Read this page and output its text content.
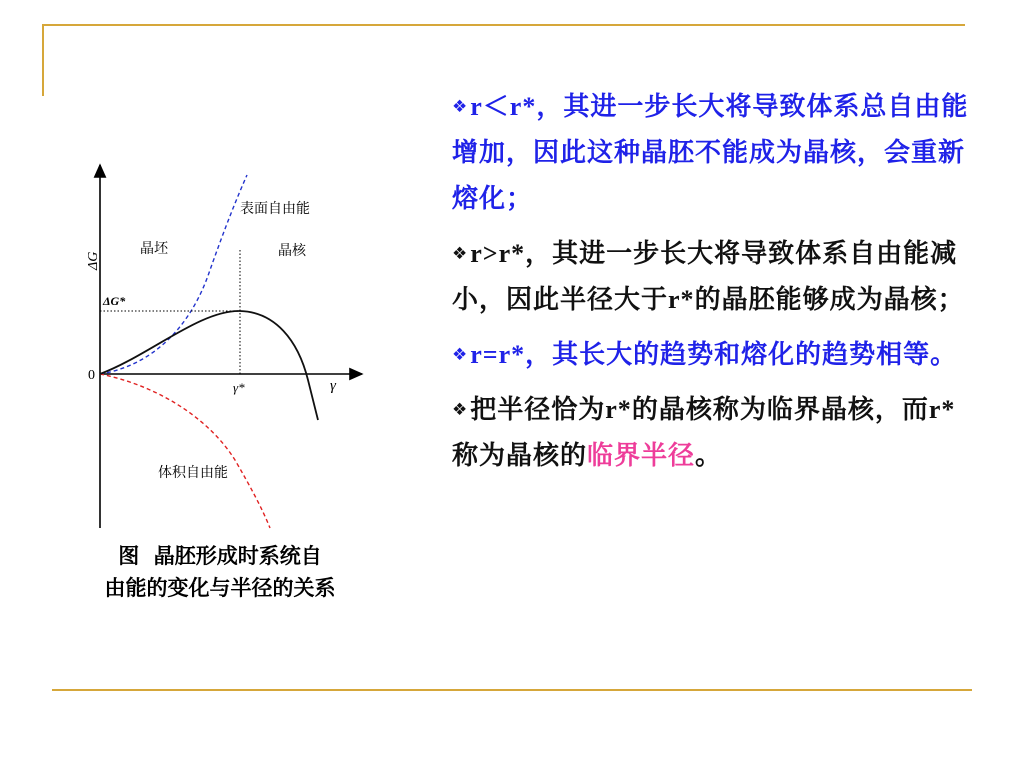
ΔG
0
γ
γ*
ΔG*
表面自由能
体积自由能
晶坯	晶核
图  晶胚形成时系统自
由能的变化与半径的关系
❖r＜r*，其进一步长大将导致体系总自由能增加，因此这种晶胚不能成为晶核，会重新熔化；
❖r>r*，其进一步长大将导致体系自由能减小，因此半径大于r*的晶胚能够成为晶核；
❖r=r*，其长大的趋势和熔化的趋势相等。
❖把半径恰为r*的晶核称为临界晶核，而r*称为晶核的临界半径。
